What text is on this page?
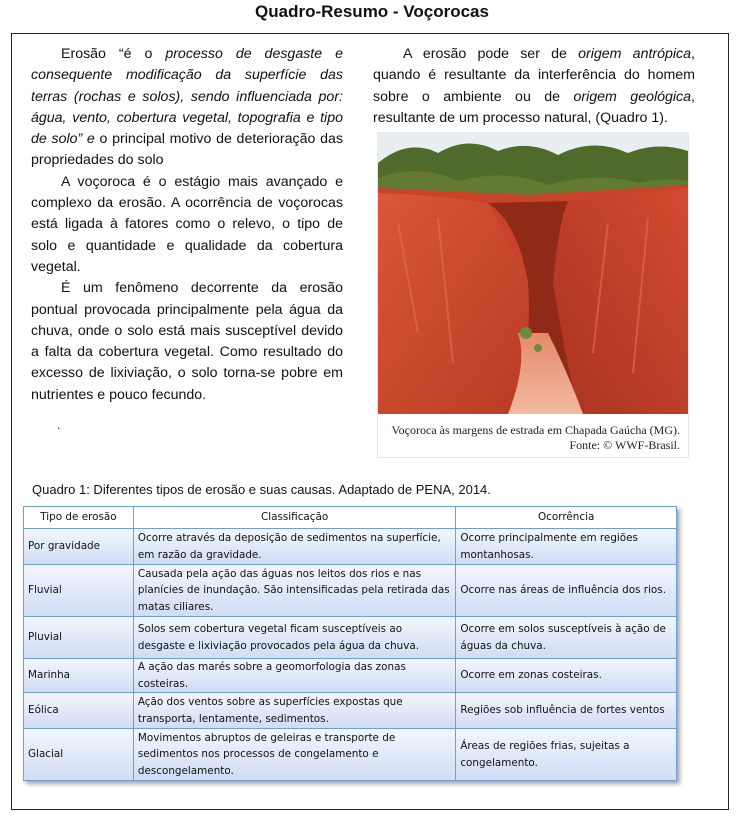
Quadro-Resumo - Voçorocas

Erosão “é o processo de desgaste e consequente modificação da superfície das terras (rochas e solos), sendo influenciada por: água, vento, cobertura vegetal, topografia e tipo de solo” e o principal motivo de deterioração das propriedades do solo

A voçoroca é o estágio mais avançado e complexo da erosão. A ocorrência de voçorocas está ligada à fatores como o relevo, o tipo de solo e quantidade e qualidade da cobertura vegetal.

É um fenômeno decorrente da erosão pontual provocada principalmente pela água da chuva, onde o solo está mais susceptível devido a falta da cobertura vegetal. Como resultado do excesso de lixiviação, o solo torna-se pobre em nutrientes e pouco fecundo.

.

A erosão pode ser de origem antrópica, quando é resultante da interferência do homem sobre o ambiente ou de origem geológica, resultante de um processo natural, (Quadro 1).

Voçoroca às margens de estrada em Chapada Gaúcha (MG).
Fonte: © WWF-Brasil.
Quadro 1: Diferentes tipos de erosão e suas causas. Adaptado de PENA, 2014.
Tipo de erosão	Classificação	Ocorrência
Por gravidade	Ocorre através da deposição de sedimentos na superfície, em razão da gravidade.	Ocorre principalmente em regiões montanhosas.
Fluvial	Causada pela ação das águas nos leitos dos rios e nas planícies de inundação. São intensificadas pela retirada das matas ciliares.	Ocorre nas áreas de influência dos rios.
Pluvial	Solos sem cobertura vegetal ficam susceptíveis ao desgaste e lixiviação provocados pela água da chuva.	Ocorre em solos susceptíveis à ação de águas da chuva.
Marinha	A ação das marés sobre a geomorfologia das zonas costeiras.	Ocorre em zonas costeiras.
Eólica	Ação dos ventos sobre as superfícies expostas que transporta, lentamente, sedimentos.	Regiões sob influência de fortes ventos
Glacial	Movimentos abruptos de geleiras e transporte de sedimentos nos processos de congelamento e descongelamento.	Áreas de regiões frias, sujeitas a congelamento.
